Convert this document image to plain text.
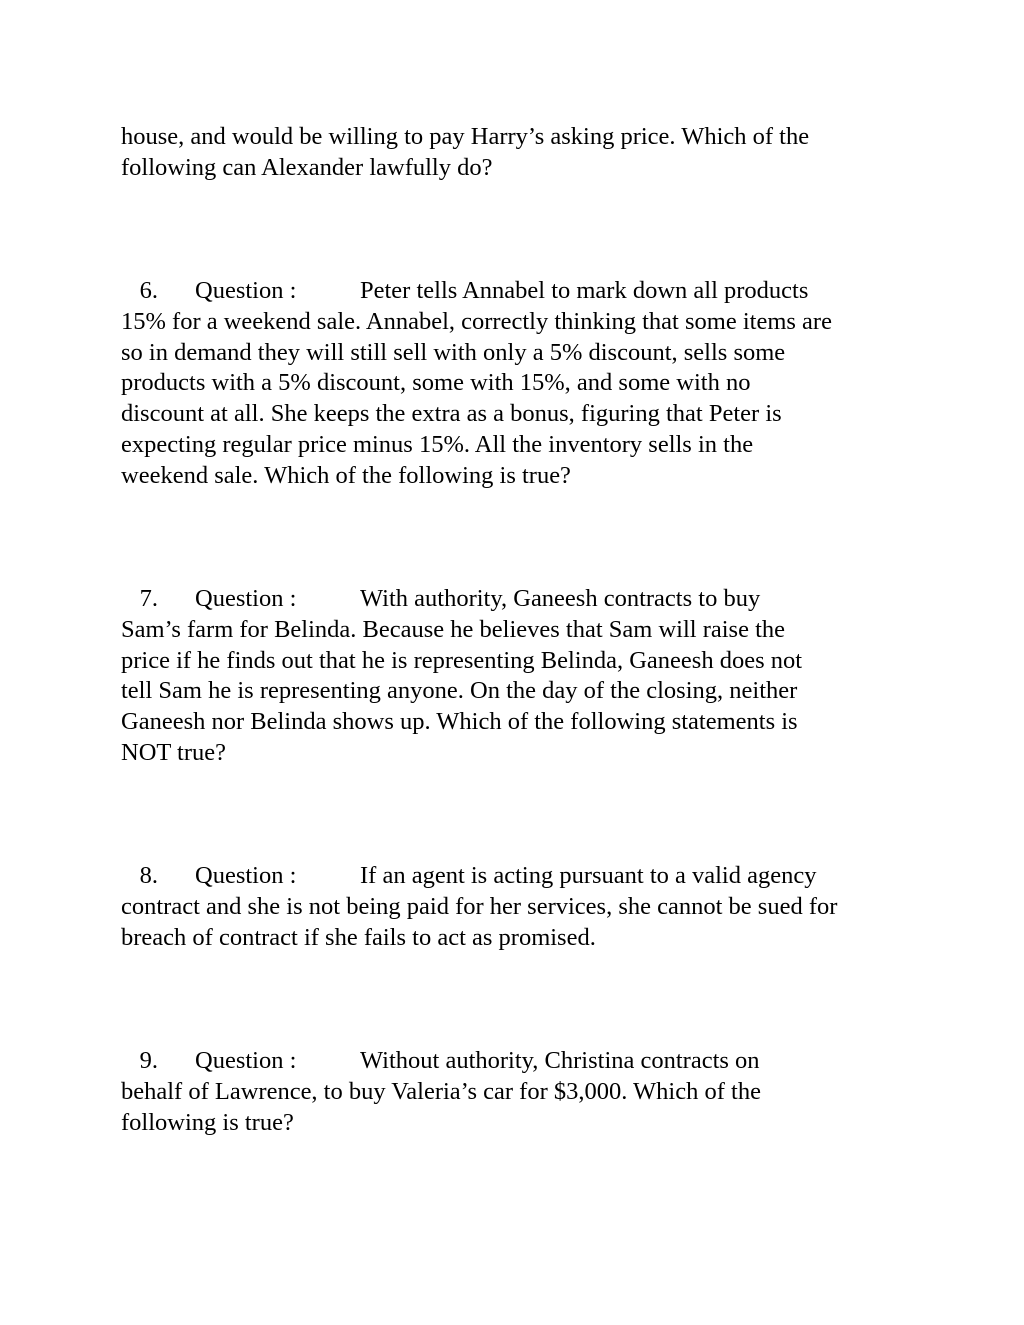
house, and would be willing to pay Harry’s asking price. Which of the
following can Alexander lawfully do?
6. Question :	Peter tells Annabel to mark down all products
15% for a weekend sale. Annabel, correctly thinking that some items are
so in demand they will still sell with only a 5% discount, sells some
products with a 5% discount, some with 15%, and some with no
discount at all. She keeps the extra as a bonus, figuring that Peter is
expecting regular price minus 15%. All the inventory sells in the
weekend sale. Which of the following is true?
7. Question :	With authority, Ganeesh contracts to buy
Sam’s farm for Belinda. Because he believes that Sam will raise the
price if he finds out that he is representing Belinda, Ganeesh does not
tell Sam he is representing anyone. On the day of the closing, neither
Ganeesh nor Belinda shows up. Which of the following statements is
NOT true?
8. Question :	If an agent is acting pursuant to a valid agency
contract and she is not being paid for her services, she cannot be sued for
breach of contract if she fails to act as promised.
9. Question :	Without authority, Christina contracts on
behalf of Lawrence, to buy Valeria’s car for $3,000. Which of the
following is true?
